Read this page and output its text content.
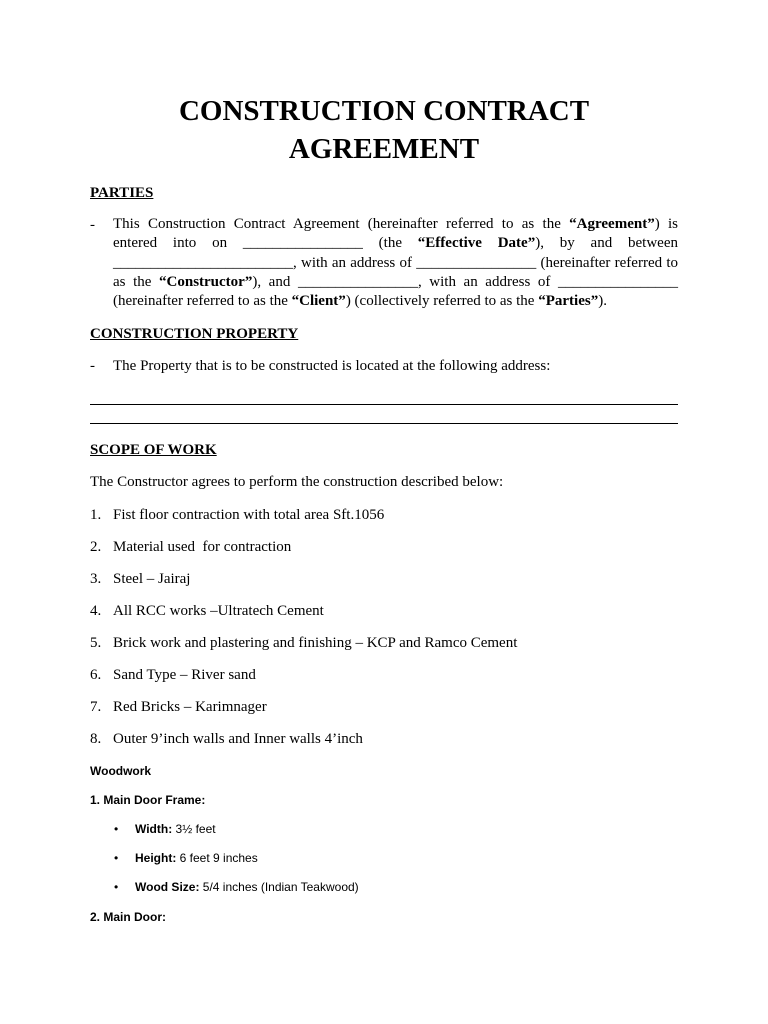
CONSTRUCTION CONTRACT
AGREEMENT
PARTIES
- This Construction Contract Agreement (hereinafter referred to as the “Agreement”) is entered into on ________________ (the “Effective Date”), by and between ________________________, with an address of ________________ (hereinafter referred to as the “Constructor”), and ________________, with an address of ________________ (hereinafter referred to as the “Client”) (collectively referred to as the “Parties”).
CONSTRUCTION PROPERTY
- The Property that is to be constructed is located at the following address:
SCOPE OF WORK
The Constructor agrees to perform the construction described below:
1. Fist floor contraction with total area Sft.1056
2. Material used  for contraction
3. Steel – Jairaj
4. All RCC works –Ultratech Cement
5. Brick work and plastering and finishing – KCP and Ramco Cement
6. Sand Type – River sand
7. Red Bricks – Karimnager
8. Outer 9’inch walls and Inner walls 4’inch
Woodwork
1. Main Door Frame:
• Width: 3½ feet
• Height: 6 feet 9 inches
• Wood Size: 5/4 inches (Indian Teakwood)
2. Main Door:
